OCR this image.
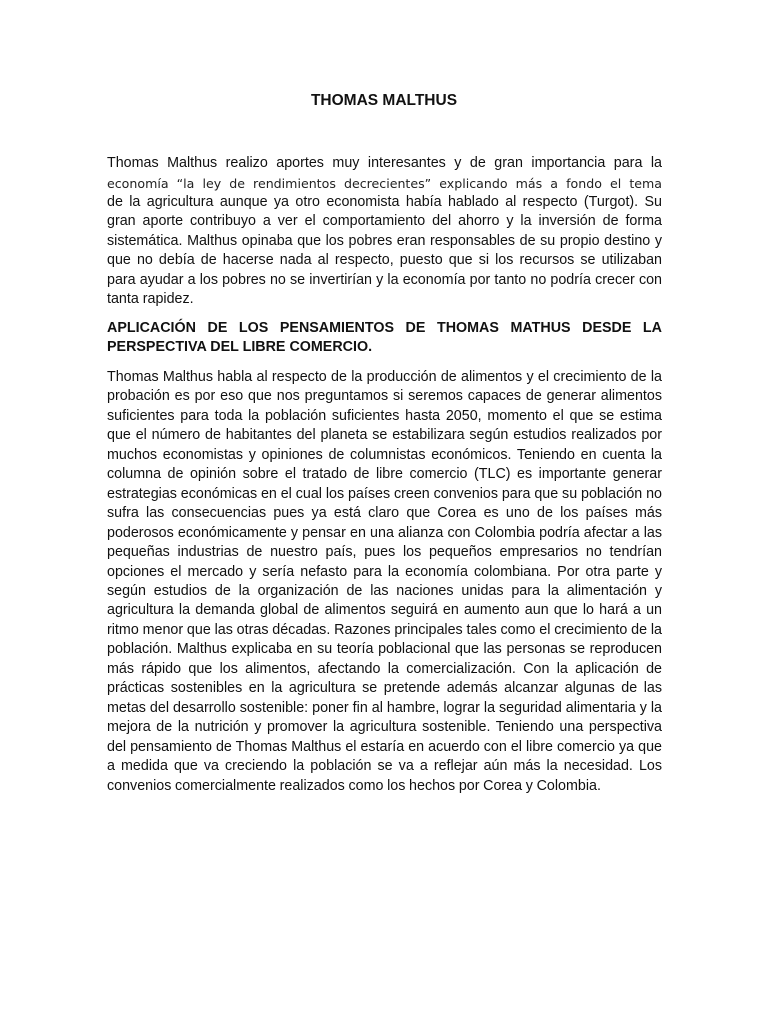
THOMAS MALTHUS

Thomas Malthus realizo aportes muy interesantes y de gran importancia para la

economía “la ley de rendimientos decrecientes” explicando más a fondo el tema

de la agricultura aunque ya otro economista había hablado al respecto (Turgot). Su gran aporte contribuyo a ver el comportamiento del ahorro y la inversión de forma sistemática. Malthus opinaba que los pobres eran responsables de su propio destino y que no debía de hacerse nada al respecto, puesto que si los recursos se utilizaban para ayudar a los pobres no se invertirían y la economía por tanto no podría crecer con tanta rapidez.

APLICACIÓN DE LOS PENSAMIENTOS DE THOMAS MATHUS DESDE LA PERSPECTIVA DEL LIBRE COMERCIO.

Thomas Malthus habla al respecto de la producción de alimentos y el crecimiento de la probación es por eso que nos preguntamos si seremos capaces de generar alimentos suficientes para toda la población suficientes hasta 2050, momento el que se estima que el número de habitantes del planeta se estabilizara según estudios realizados por muchos economistas y opiniones de columnistas económicos. Teniendo en cuenta la columna de opinión sobre el tratado de libre comercio (TLC) es importante generar estrategias económicas en el cual los países creen convenios para que su población no sufra las consecuencias pues ya está claro que Corea es uno de los países más poderosos económicamente y pensar en una alianza con Colombia podría afectar a las pequeñas industrias de nuestro país, pues los pequeños empresarios no tendrían opciones el mercado y sería nefasto para la economía colombiana. Por otra parte y según estudios de la organización de las naciones unidas para la alimentación y agricultura la demanda global de alimentos seguirá en aumento aun que lo hará a un ritmo menor que las otras décadas. Razones principales tales como el crecimiento de la población. Malthus explicaba en su teoría poblacional que las personas se reproducen más rápido que los alimentos, afectando la comercialización. Con la aplicación de prácticas sostenibles en la agricultura se pretende además alcanzar algunas de las metas del desarrollo sostenible: poner fin al hambre, lograr la seguridad alimentaria y la mejora de la nutrición y promover la agricultura sostenible. Teniendo una perspectiva del pensamiento de Thomas Malthus el estaría en acuerdo con el libre comercio ya que a medida que va creciendo la población se va a reflejar aún más la necesidad. Los convenios comercialmente realizados como los hechos por Corea y Colombia.
